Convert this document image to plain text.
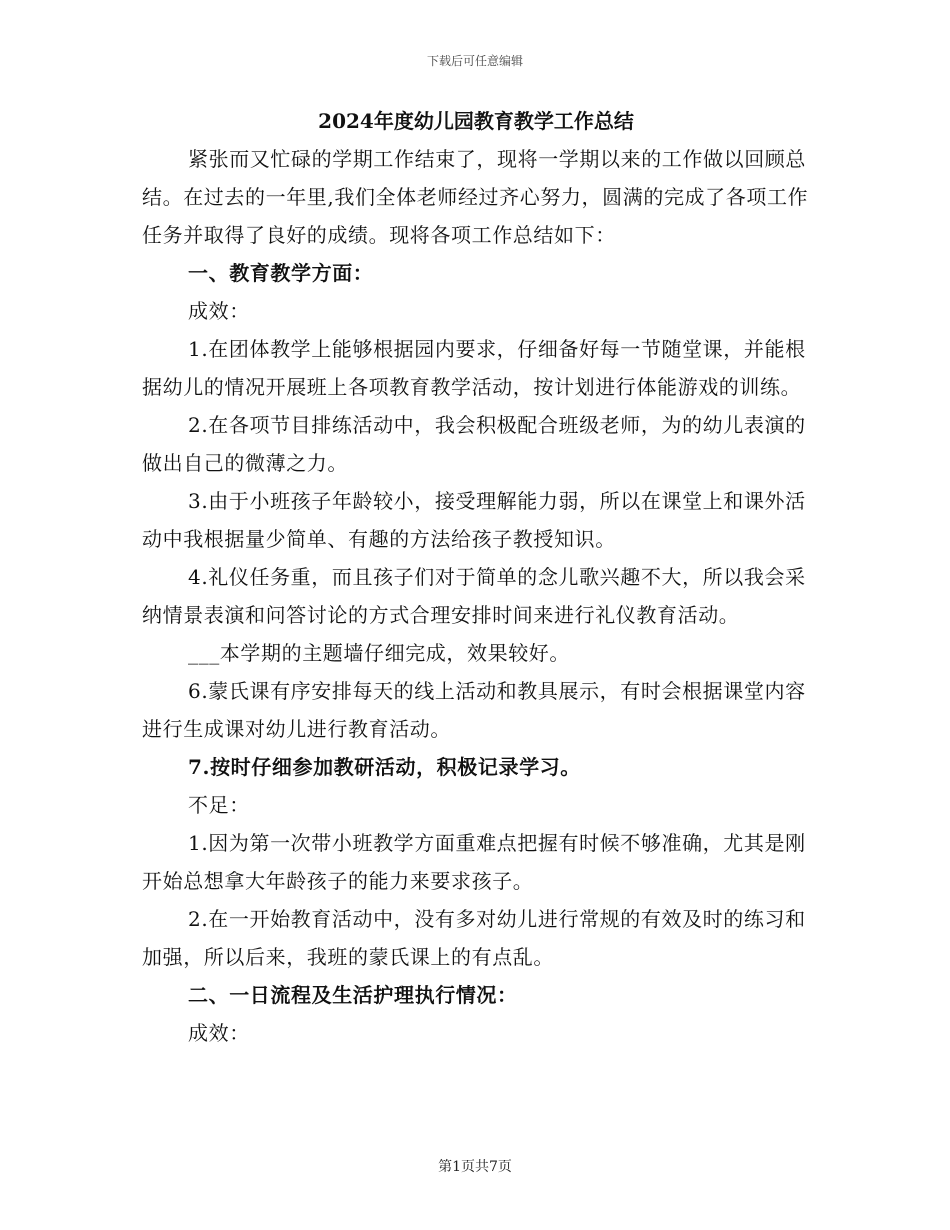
下载后可任意编辑
2024年度幼儿园教育教学工作总结

紧张而又忙碌的学期工作结束了，现将一学期以来的工作做以回顾总结。在过去的一年里,我们全体老师经过齐心努力，圆满的完成了各项工作任务并取得了良好的成绩。现将各项工作总结如下：

一、教育教学方面：

成效：

1.在团体教学上能够根据园内要求，仔细备好每一节随堂课，并能根据幼儿的情况开展班上各项教育教学活动，按计划进行体能游戏的训练。

2.在各项节目排练活动中，我会积极配合班级老师，为的幼儿表演的做出自己的微薄之力。

3.由于小班孩子年龄较小，接受理解能力弱，所以在课堂上和课外活动中我根据量少简单、有趣的方法给孩子教授知识。

4.礼仪任务重，而且孩子们对于简单的念儿歌兴趣不大，所以我会采纳情景表演和问答讨论的方式合理安排时间来进行礼仪教育活动。

___本学期的主题墙仔细完成，效果较好。

6.蒙氏课有序安排每天的线上活动和教具展示，有时会根据课堂内容进行生成课对幼儿进行教育活动。

7.按时仔细参加教研活动，积极记录学习。

不足：

1.因为第一次带小班教学方面重难点把握有时候不够准确，尤其是刚开始总想拿大年龄孩子的能力来要求孩子。

2.在一开始教育活动中，没有多对幼儿进行常规的有效及时的练习和加强，所以后来，我班的蒙氏课上的有点乱。

二、一日流程及生活护理执行情况：

成效：

第1页共7页
